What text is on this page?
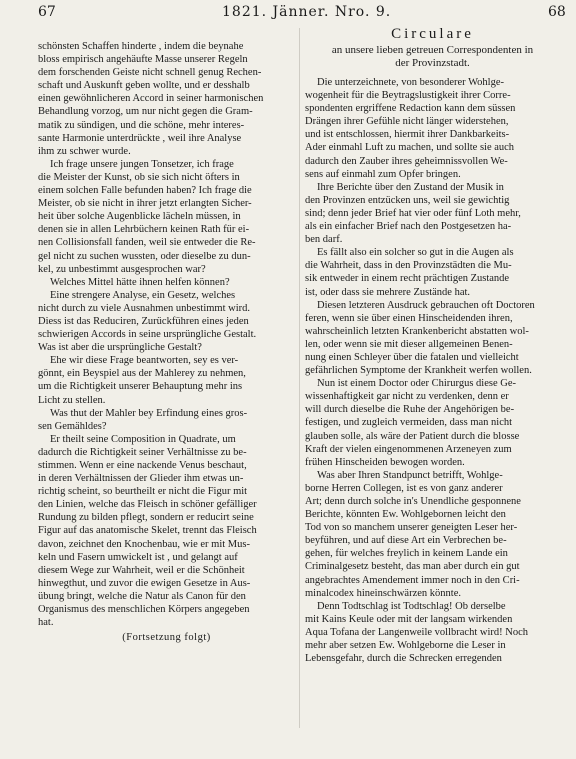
67	1821. Jänner. Nro. 9.	68
schönsten Schaffen hinderte , indem die beynahe
bloss empirisch angehäufte Masse unserer Regeln
dem forschenden Geiste nicht schnell genug Rechen-
schaft und Auskunft geben wollte, und er desshalb
einen gewöhnlicheren Accord in seiner harmonischen
Behandlung vorzog, um nur nicht gegen die Gram-
matik zu sündigen, und die schöne, mehr interes-
sante Harmonie unterdrückte , weil ihre Analyse
ihm zu schwer wurde.
Ich frage unsere jungen Tonsetzer, ich frage
die Meister der Kunst, ob sie sich nicht öfters in
einem solchen Falle befunden haben? Ich frage die
Meister, ob sie nicht in ihrer jetzt erlangten Sicher-
heit über solche Augenblicke lächeln müssen, in
denen sie in allen Lehrbüchern keinen Rath für ei-
nen Collisionsfall fanden, weil sie entweder die Re-
gel nicht zu suchen wussten, oder dieselbe zu dun-
kel, zu unbestimmt ausgesprochen war?
Welches Mittel hätte ihnen helfen können?
Eine strengere Analyse, ein Gesetz, welches
nicht durch zu viele Ausnahmen unbestimmt wird.
Diess ist das Reduciren, Zurückführen eines jeden
schwierigen Accords in seine ursprüngliche Gestalt.
Was ist aber die ursprüngliche Gestalt?
Ehe wir diese Frage beantworten, sey es ver-
gönnt, ein Beyspiel aus der Mahlerey zu nehmen,
um die Richtigkeit unserer Behauptung mehr ins
Licht zu stellen.
Was thut der Mahler bey Erfindung eines gros-
sen Gemähldes?
Er theilt seine Composition in Quadrate, um
dadurch die Richtigkeit seiner Verhältnisse zu be-
stimmen. Wenn er eine nackende Venus beschaut,
in deren Verhältnissen der Glieder ihm etwas un-
richtig scheint, so beurtheilt er nicht die Figur mit
den Linien, welche das Fleisch in schöner gefälliger
Rundung zu bilden pflegt, sondern er reducirt seine
Figur auf das anatomische Skelet, trennt das Fleisch
davon, zeichnet den Knochenbau, wie er mit Mus-
keln und Fasern umwickelt ist , und gelangt auf
diesem Wege zur Wahrheit, weil er die Schönheit
hinwegthut, und zuvor die ewigen Gesetze in Aus-
übung bringt, welche die Natur als Canon für den
Organismus des menschlichen Körpers angegeben
hat.
(Fortsetzung folgt)
Circulare
an unsere lieben getreuen Correspondenten in
der Provinzstadt.
Die unterzeichnete, von besonderer Wohlge-
wogenheit für die Beytragslustigkeit ihrer Corre-
spondenten ergriffene Redaction kann dem süssen
Drängen ihrer Gefühle nicht länger widerstehen,
und ist entschlossen, hiermit ihrer Dankbarkeits-
Ader einmahl Luft zu machen, und sollte sie auch
dadurch den Zauber ihres geheimnissvollen We-
sens auf einmahl zum Opfer bringen.
Ihre Berichte über den Zustand der Musik in
den Provinzen entzücken uns, weil sie gewichtig
sind; denn jeder Brief hat vier oder fünf Loth mehr,
als ein einfacher Brief nach den Postgesetzen ha-
ben darf.
Es fällt also ein solcher so gut in die Augen als
die Wahrheit, dass in den Provinzstädten die Mu-
sik entweder in einem recht prächtigen Zustande
ist, oder dass sie mehrere Zustände hat.
Diesen letzteren Ausdruck gebrauchen oft Doctoren
feren, wenn sie über einen Hinscheidenden ihren,
wahrscheinlich letzten Krankenbericht abstatten wol-
len, oder wenn sie mit dieser allgemeinen Benen-
nung einen Schleyer über die fatalen und vielleicht
gefährlichen Symptome der Krankheit werfen wollen.
Nun ist einem Doctor oder Chirurgus diese Ge-
wissenhaftigkeit gar nicht zu verdenken, denn er
will durch dieselbe die Ruhe der Angehörigen be-
festigen, und zugleich vermeiden, dass man nicht
glauben solle, als wäre der Patient durch die blosse
Kraft der vielen eingenommenen Arzeneyen zum
frühen Hinscheiden bewogen worden.
Was aber Ihren Standpunct betrifft, Wohlge-
borne Herren Collegen, ist es von ganz anderer
Art; denn durch solche in's Unendliche gesponnene
Berichte, könnten Ew. Wohlgebornen leicht den
Tod von so manchem unserer geneigten Leser her-
beyführen, und auf diese Art ein Verbrechen be-
gehen, für welches freylich in keinem Lande ein
Criminalgesetz besteht, das man aber durch ein gut
angebrachtes Amendement immer noch in den Cri-
minalcodex hineinschwärzen könnte.
Denn Todtschlag ist Todtschlag! Ob derselbe
mit Kains Keule oder mit der langsam wirkenden
Aqua Tofana der Langenweile vollbracht wird! Noch
mehr aber setzen Ew. Wohlgeborne die Leser in
Lebensgefahr, durch die Schrecken erregenden
